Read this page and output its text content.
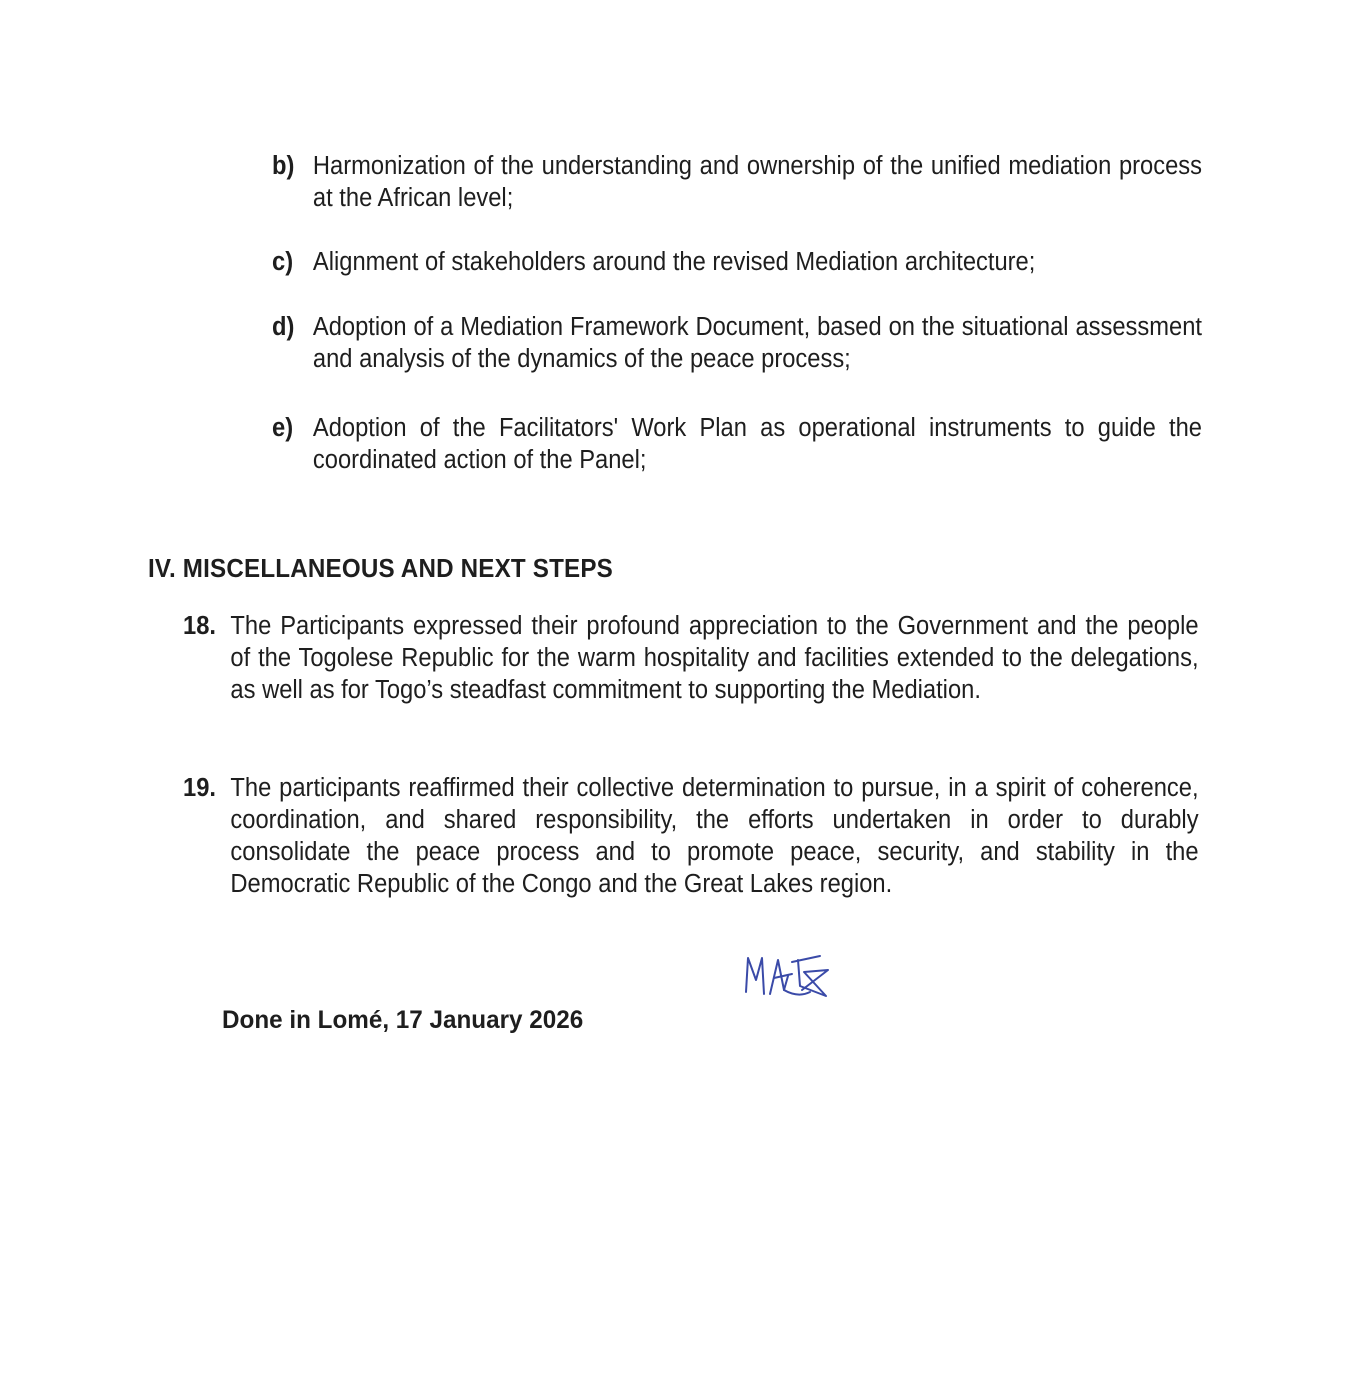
b) Harmonization of the understanding and ownership of the unified mediation process at the African level;
c) Alignment of stakeholders around the revised Mediation architecture;
d) Adoption of a Mediation Framework Document, based on the situational assessment and analysis of the dynamics of the peace process;
e) Adoption of the Facilitators' Work Plan as operational instruments to guide the coordinated action of the Panel;
IV. MISCELLANEOUS AND NEXT STEPS
18. The Participants expressed their profound appreciation to the Government and the people of the Togolese Republic for the warm hospitality and facilities extended to the delegations, as well as for Togo’s steadfast commitment to supporting the Mediation.
19. The participants reaffirmed their collective determination to pursue, in a spirit of coherence, coordination, and shared responsibility, the efforts undertaken in order to durably consolidate the peace process and to promote peace, security, and stability in the Democratic Republic of the Congo and the Great Lakes region.
Done in Lomé, 17 January 2026
